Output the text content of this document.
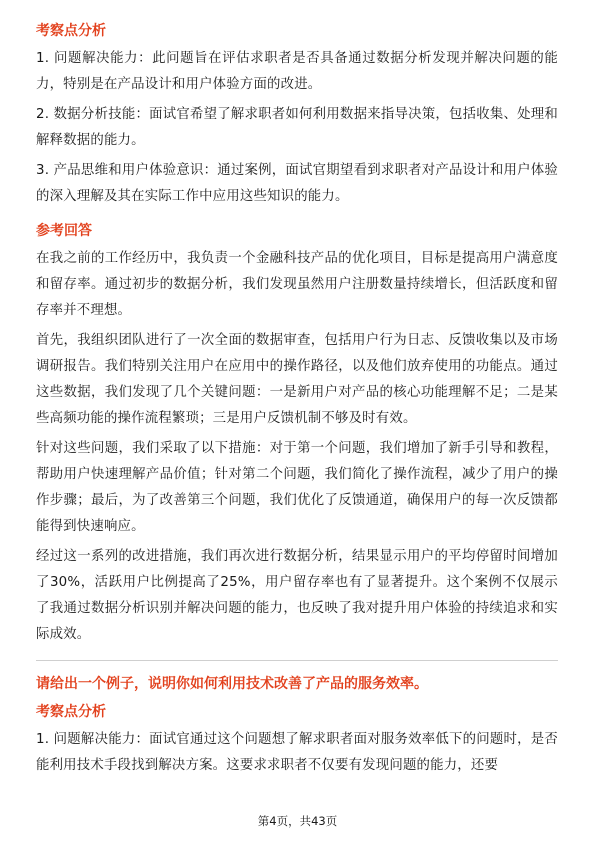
考察点分析

1. 问题解决能力：此问题旨在评估求职者是否具备通过数据分析发现并解决问题的能力，特别是在产品设计和用户体验方面的改进。

2. 数据分析技能：面试官希望了解求职者如何利用数据来指导决策，包括收集、处理和解释数据的能力。

3. 产品思维和用户体验意识：通过案例，面试官期望看到求职者对产品设计和用户体验的深入理解及其在实际工作中应用这些知识的能力。

参考回答

在我之前的工作经历中，我负责一个金融科技产品的优化项目，目标是提高用户满意度和留存率。通过初步的数据分析，我们发现虽然用户注册数量持续增长，但活跃度和留存率并不理想。

首先，我组织团队进行了一次全面的数据审查，包括用户行为日志、反馈收集以及市场调研报告。我们特别关注用户在应用中的操作路径，以及他们放弃使用的功能点。通过这些数据，我们发现了几个关键问题：一是新用户对产品的核心功能理解不足；二是某些高频功能的操作流程繁琐；三是用户反馈机制不够及时有效。

针对这些问题，我们采取了以下措施：对于第一个问题，我们增加了新手引导和教程，帮助用户快速理解产品价值；针对第二个问题，我们简化了操作流程，减少了用户的操作步骤；最后，为了改善第三个问题，我们优化了反馈通道，确保用户的每一次反馈都能得到快速响应。

经过这一系列的改进措施，我们再次进行数据分析，结果显示用户的平均停留时间增加了30%，活跃用户比例提高了25%，用户留存率也有了显著提升。这个案例不仅展示了我通过数据分析识别并解决问题的能力，也反映了我对提升用户体验的持续追求和实际成效。

请给出一个例子，说明你如何利用技术改善了产品的服务效率。
考察点分析

1. 问题解决能力：面试官通过这个问题想了解求职者面对服务效率低下的问题时，是否能利用技术手段找到解决方案。这要求求职者不仅要有发现问题的能力，还要

第4页，共43页
